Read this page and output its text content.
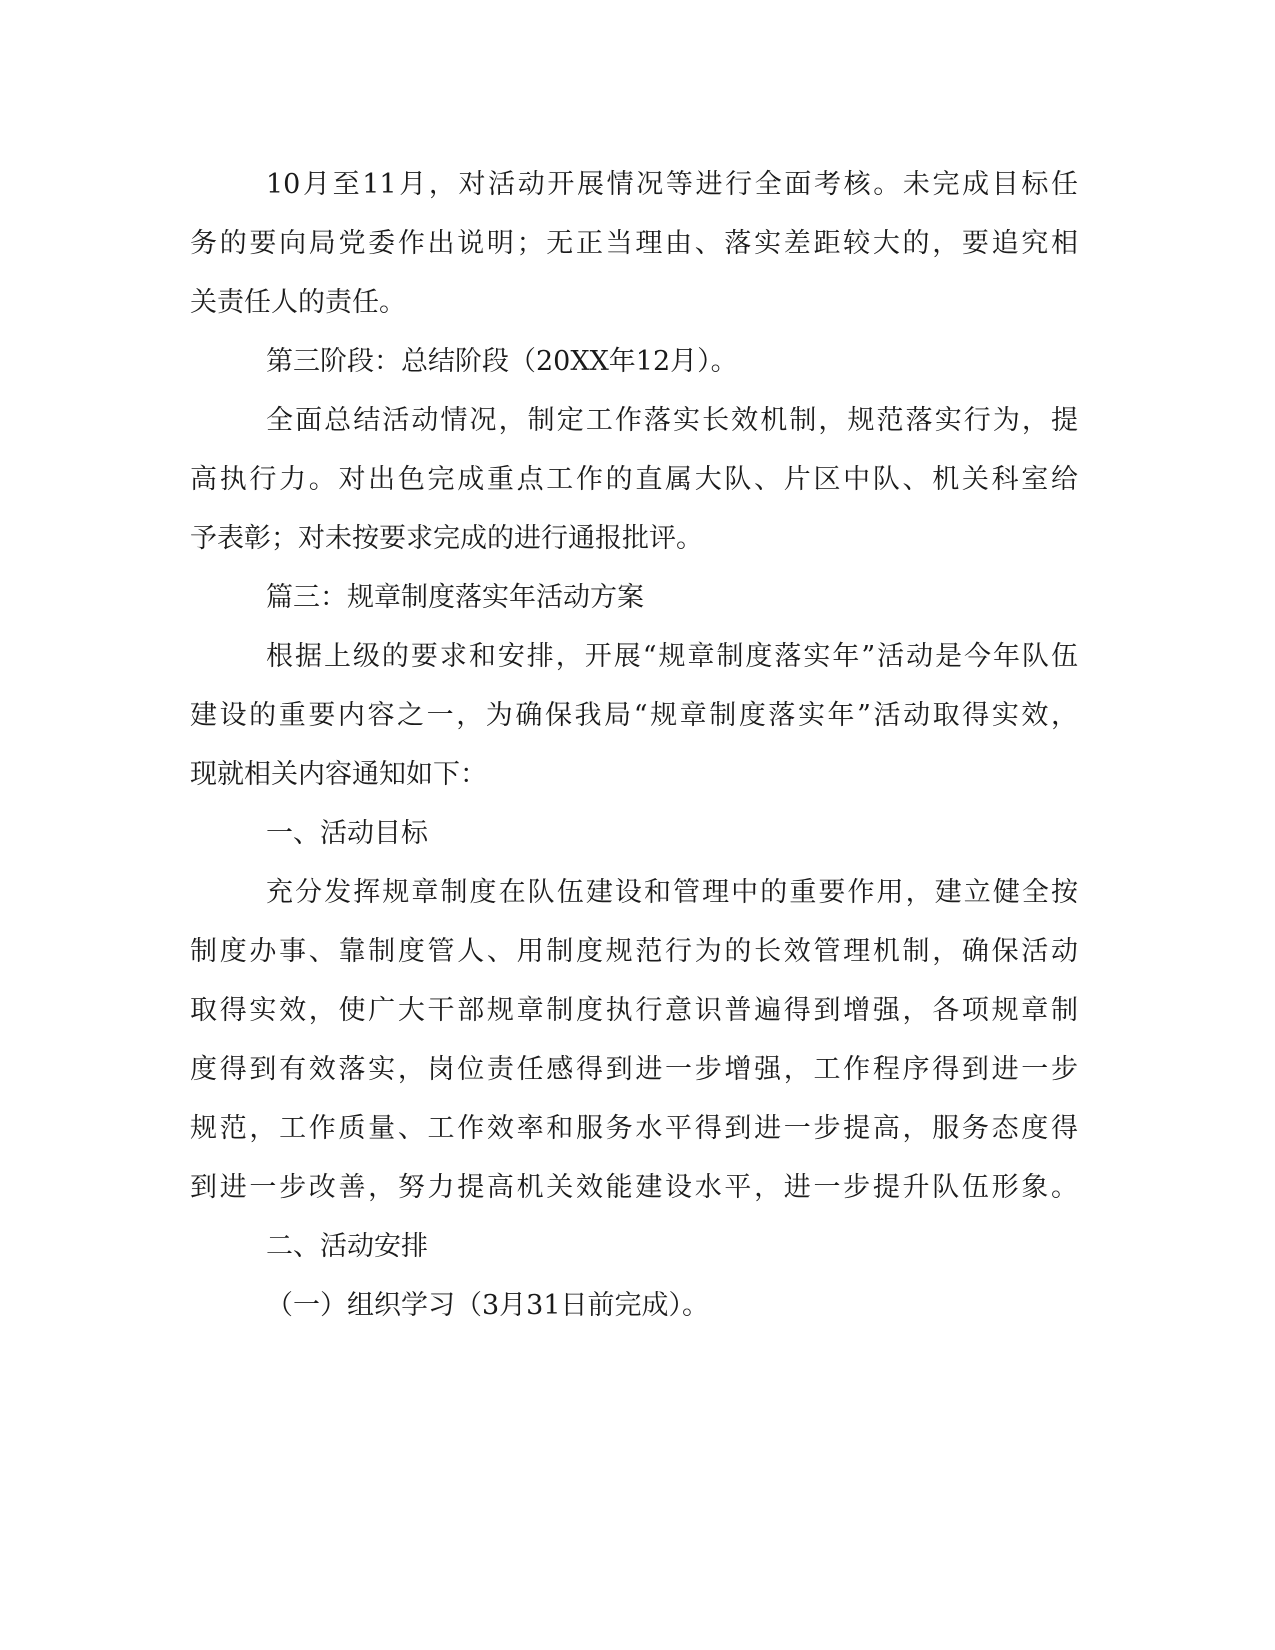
10月至11月，对活动开展情况等进行全面考核。未完成目标任
务的要向局党委作出说明；无正当理由、落实差距较大的，要追究相
关责任人的责任。
第三阶段：总结阶段（20XX年12月）。
全面总结活动情况，制定工作落实长效机制，规范落实行为，提
高执行力。对出色完成重点工作的直属大队、片区中队、机关科室给
予表彰；对未按要求完成的进行通报批评。
篇三：规章制度落实年活动方案
根据上级的要求和安排，开展“规章制度落实年”活动是今年队伍
建设的重要内容之一，为确保我局“规章制度落实年”活动取得实效，
现就相关内容通知如下：
一、活动目标
充分发挥规章制度在队伍建设和管理中的重要作用，建立健全按
制度办事、靠制度管人、用制度规范行为的长效管理机制，确保活动
取得实效，使广大干部规章制度执行意识普遍得到增强，各项规章制
度得到有效落实，岗位责任感得到进一步增强，工作程序得到进一步
规范，工作质量、工作效率和服务水平得到进一步提高，服务态度得
到进一步改善，努力提高机关效能建设水平，进一步提升队伍形象。
二、活动安排
（一）组织学习（3月31日前完成）。
